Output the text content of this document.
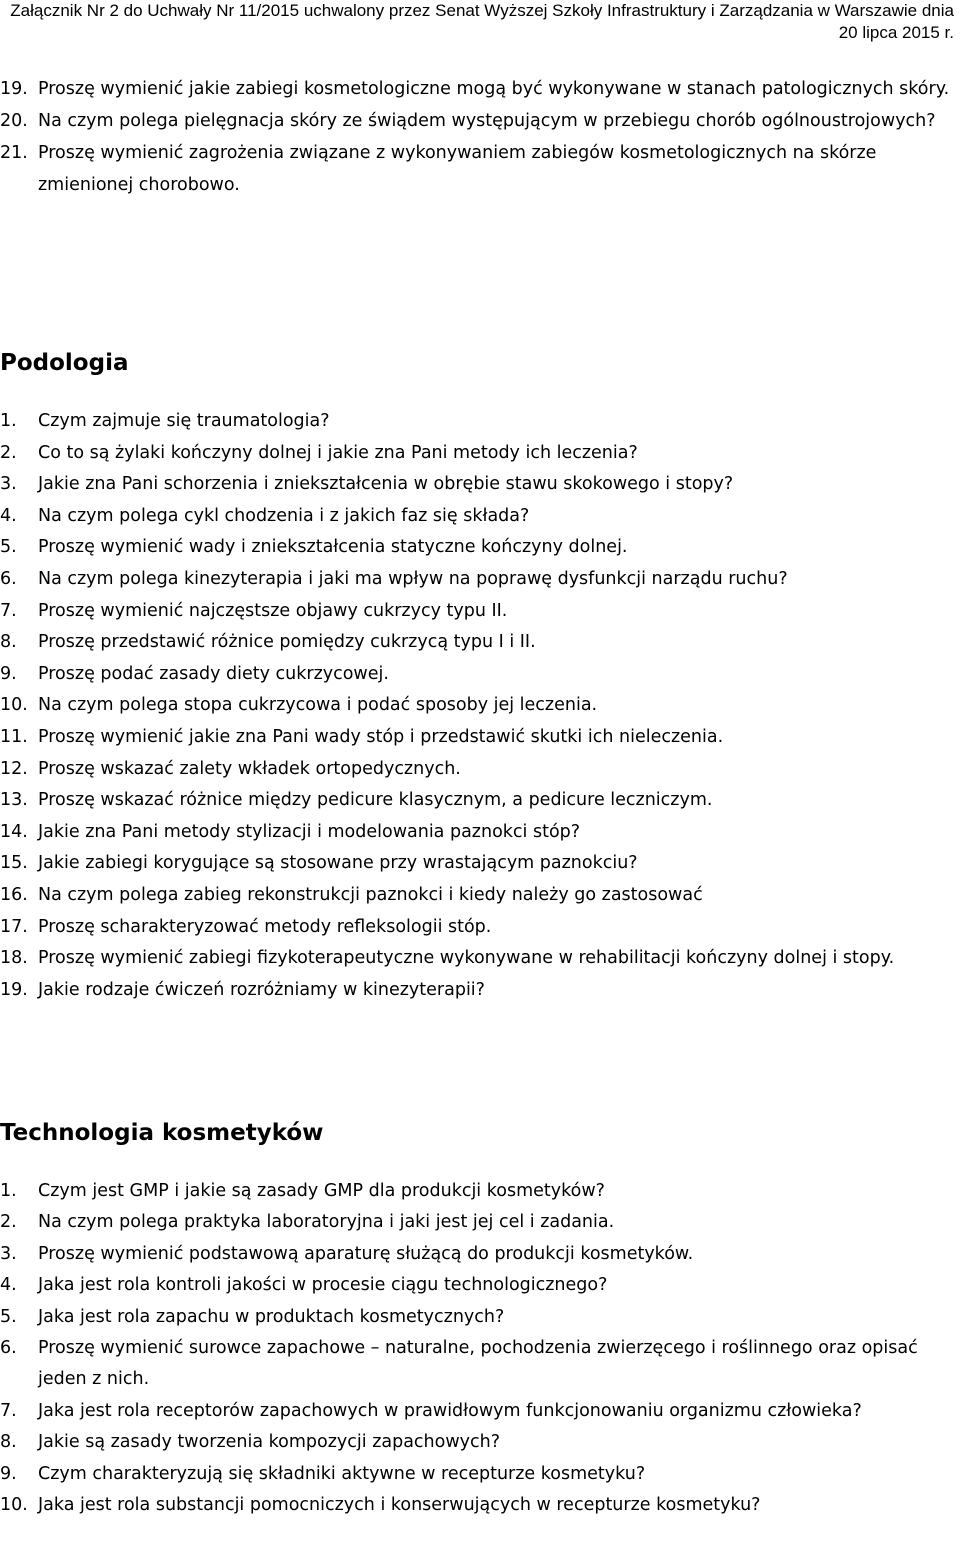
Załącznik Nr 2 do Uchwały Nr 11/2015 uchwalony przez Senat Wyższej Szkoły Infrastruktury i Zarządzania w Warszawie dnia
20 lipca 2015 r.
19. Proszę wymienić jakie zabiegi kosmetologiczne mogą być wykonywane w stanach patologicznych skóry.
20. Na czym polega pielęgnacja skóry ze świądem występującym w przebiegu chorób ogólnoustrojowych?
21. Proszę wymienić zagrożenia związane z wykonywaniem zabiegów kosmetologicznych na skórze zmienionej chorobowo.
Podologia
1. Czym zajmuje się traumatologia?
2. Co to są żylaki kończyny dolnej i jakie zna Pani metody ich leczenia?
3. Jakie zna Pani schorzenia i zniekształcenia w obrębie stawu skokowego i stopy?
4. Na czym polega cykl chodzenia i z jakich faz się składa?
5. Proszę wymienić wady i zniekształcenia statyczne kończyny dolnej.
6. Na czym polega kinezyterapia i jaki ma wpływ na poprawę dysfunkcji narządu ruchu?
7. Proszę wymienić najczęstsze objawy cukrzycy typu II.
8. Proszę przedstawić różnice pomiędzy cukrzycą typu I i II.
9. Proszę podać zasady diety cukrzycowej.
10. Na czym polega stopa cukrzycowa i podać sposoby jej leczenia.
11. Proszę wymienić jakie zna Pani wady stóp i przedstawić skutki ich nieleczenia.
12. Proszę wskazać zalety wkładek ortopedycznych.
13. Proszę wskazać różnice między pedicure klasycznym, a pedicure leczniczym.
14. Jakie zna Pani metody stylizacji i modelowania paznokci stóp?
15. Jakie zabiegi korygujące są stosowane przy wrastającym paznokciu?
16. Na czym polega zabieg rekonstrukcji paznokci i kiedy należy go zastosować
17. Proszę scharakteryzować metody refleksologii stóp.
18. Proszę wymienić zabiegi fizykoterapeutyczne wykonywane w rehabilitacji kończyny dolnej i stopy.
19. Jakie rodzaje ćwiczeń rozróżniamy w kinezyterapii?
Technologia kosmetyków
1. Czym jest GMP i jakie są zasady GMP dla produkcji kosmetyków?
2. Na czym polega praktyka laboratoryjna i jaki jest jej cel i zadania.
3. Proszę wymienić podstawową aparaturę służącą do produkcji kosmetyków.
4. Jaka jest rola kontroli jakości w procesie ciągu technologicznego?
5. Jaka jest rola zapachu w produktach kosmetycznych?
6. Proszę wymienić surowce zapachowe – naturalne, pochodzenia zwierzęcego i roślinnego oraz opisać jeden z nich.
7. Jaka jest rola receptorów zapachowych w prawidłowym funkcjonowaniu organizmu człowieka?
8. Jakie są zasady tworzenia kompozycji zapachowych?
9. Czym charakteryzują się składniki aktywne w recepturze kosmetyku?
10. Jaka jest rola substancji pomocniczych i konserwujących w recepturze kosmetyku?
